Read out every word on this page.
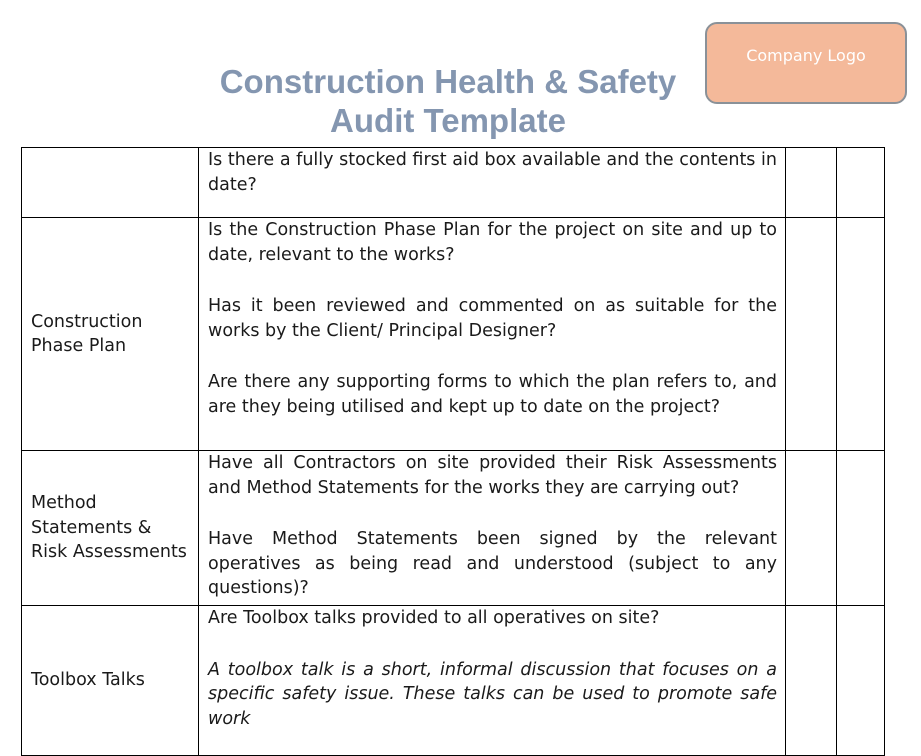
Construction Health & Safety
Audit Template
Company Logo

	Is there a fully stocked first aid box available and the contents in date?		

Construction Phase Plan	Is the Construction Phase Plan for the project on site and up to date, relevant to the works?

Has it been reviewed and commented on as suitable for the works by the Client/ Principal Designer?

Are there any supporting forms to which the plan refers to, and are they being utilised and kept up to date on the project?		

Method Statements & Risk Assessments	Have all Contractors on site provided their Risk Assessments and Method Statements for the works they are carrying out?

Have Method Statements been signed by the relevant operatives as being read and understood (subject to any questions)?		

Toolbox Talks	Are Toolbox talks provided to all operatives on site?

A toolbox talk is a short, informal discussion that focuses on a specific safety issue. These talks can be used to promote safe work		
